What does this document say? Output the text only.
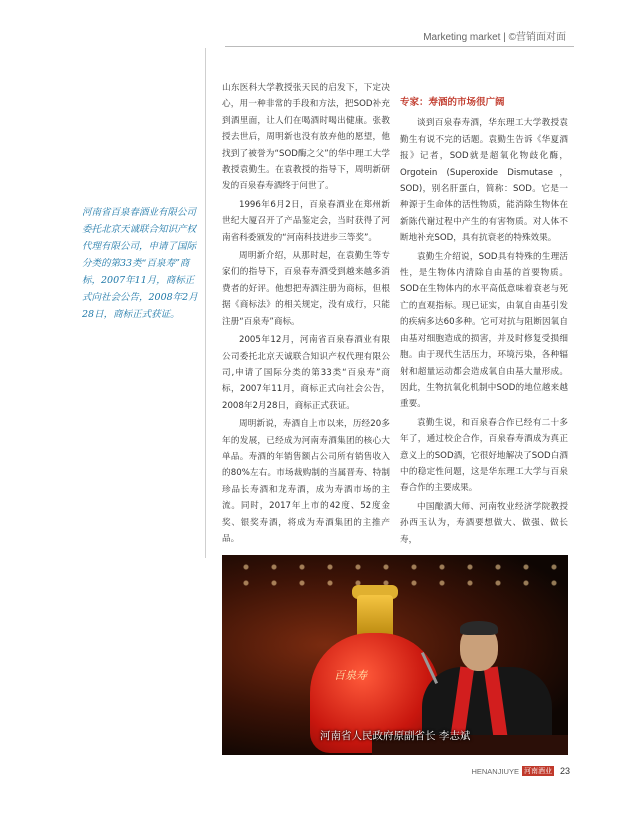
Marketing market | ©营销面对面
河南省百泉春酒业有限公司委托北京天诚联合知识产权代理有限公司，申请了国际分类的第33类“百泉寿”商标，2007年11月，商标正式向社会公告，2008年2月28日，商标正式获证。

山东医科大学教授张天民的启发下，下定决心，用一种非常的手段和方法，把SOD补充到酒里面，让人们在喝酒时喝出健康。张教授去世后，周明新也没有放弃他的愿望，他找到了被誉为“SOD酶之父”的华中理工大学教授袁勤生。在袁教授的指导下，周明新研发的百泉春寿酒终于问世了。

1996年6月2日，百泉春酒业在郑州新世纪大厦召开了产品鉴定会，当时获得了河南省科委颁发的“河南科技进步三等奖”。

周明新介绍，从那时起，在袁勤生等专家们的指导下，百泉春寿酒受到越来越多消费者的好评。他想把寿酒注册为商标，但根据《商标法》的相关规定，没有成行，只能注册“百泉寿”商标。

2005年12月，河南省百泉春酒业有限公司委托北京天诚联合知识产权代理有限公司,申请了国际分类的第33类“百泉寿”商标，2007年11月，商标正式向社会公告，2008年2月28日，商标正式获证。

周明新说，寿酒自上市以来，历经20多年的发展，已经成为河南寿酒集团的核心大单品。寿酒的年销售额占公司所有销售收入的80%左右。市场裁购制的当属晋寿、特制珍品长寿酒和龙寿酒，成为寿酒市场的主流。同时，2017年上市的42度、52度金奖、银奖寿酒，将成为寿酒集团的主推产品。

专家：寿酒的市场很广阔

谈到百泉春寿酒，华东理工大学教授袁勤生有说不完的话题。袁勤生告诉《华夏酒报》记者，SOD就是超氧化物歧化酶，Orgotein (Superoxide Dismutase，SOD)，别名肝蛋白，简称：SOD。它是一种源于生命体的活性物质，能消除生物体在新陈代谢过程中产生的有害物质。对人体不断地补充SOD，具有抗衰老的特殊效果。

袁勤生介绍说，SOD具有特殊的生理活性，是生物体内清除自由基的首要物质。SOD在生物体内的水平高低意味着衰老与死亡的直观指标。现已证实，由氧自由基引发的疾病多达60多种。它可对抗与阻断因氧自由基对细胞造成的损害，并及时修复受损细胞。由于现代生活压力，环境污染，各种辐射和超量运动都会造成氧自由基大量形成。因此，生物抗氧化机制中SOD的地位越来越重要。

袁勤生说，和百泉春合作已经有二十多年了，通过校企合作，百泉春寿酒成为真正意义上的SOD酒，它很好地解决了SOD白酒中的稳定性问题，这是华东理工大学与百泉春合作的主要成果。

中国酿酒大师、河南牧业经济学院教授孙西玉认为，寿酒要想做大、做强、做长寿，

百泉寿
河南省人民政府原副省长 李志斌
HENANJIUYE 河南酒业 23
